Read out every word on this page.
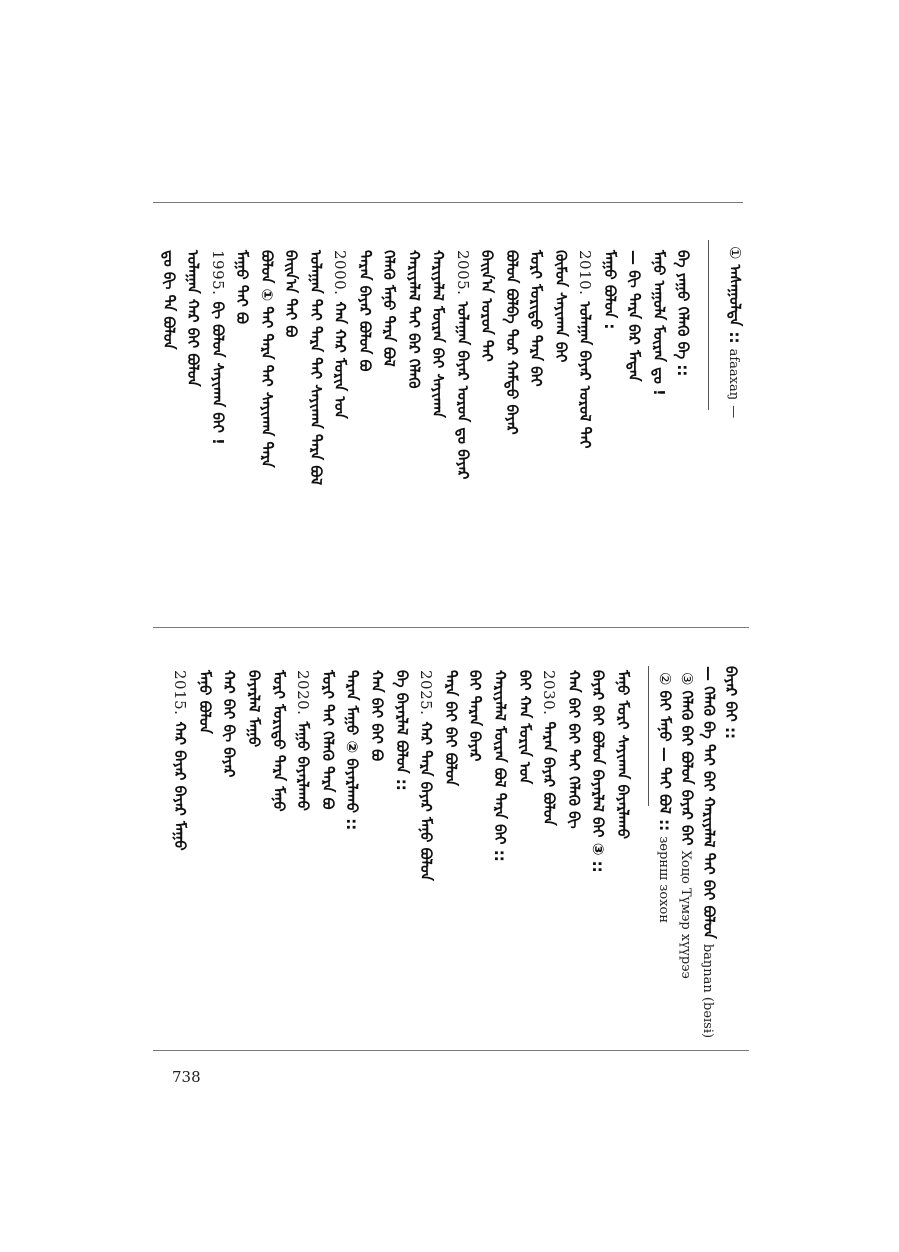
① ᠠᠰᠠᠭᠤᠯᠲᠠ :: afaaxaŋ —
ᠪᠠ ᠶᠠᠭᠤ ᠬᠡᠯᠡᠬᠦ ᠪᠠ ::
ᠮᠠᠨᠤ ᠠᠭᠤᠯᠠ ᠮᠥᠷᠡᠨ ᠳᠤ !
— ᠪᠢ ᠲᠡᠷᠡ ᠪᠠᠷ ᠮᠡᠳᠡᠨ
ᠮᠠᠭᠤ ᠪᠣᠯᠤᠨ :
2010.ᠤᠯᠠᠭᠠᠨ ᠪᠠᠶᠠᠷ ᠤᠷᠤᠯ ᠲᠠᠢ
ᠬᠦᠮᠦᠨ ᠰᠠᠶᠢᠬᠠᠨ ᠪᠠᠢ
ᠮᠣᠷᠢ ᠮᠣᠷᠢᠳᠤ ᠲᠠᠷᠠ ᠪᠠᠢ
ᠪᠣᠯᠤᠨ ᠪᠣᠯᠪᠠ ᠳᠤᠷ ᠬᠠᠮᠲᠤ ᠪᠠᠶᠠᠷ
ᠪᠠᠢᠨ᠎ᠠ ᠤᠷᠤᠨ ᠲᠠᠢ
2005.ᠤᠯᠠᠭᠠᠨ ᠪᠠᠶᠠᠷ ᠤᠷᠤᠨ ᠳᠤ ᠪᠠᠶᠠᠷ
ᠬᠠᠷᠢᠶᠠᠯᠠᠯ ᠮᠥᠷᠡᠨ ᠪᠠᠢ ᠰᠠᠶᠢᠬᠠᠨ
ᠬᠠᠷᠢᠶᠠᠯᠠᠯ ᠲᠠᠢ ᠪᠠᠷ ᠬᠡᠯᠡᠬᠦ
ᠬᠡᠯᠡᠬᠦ ᠮᠠᠨᠤ ᠲᠠᠷᠠ ᠪᠣᠯ
ᠲᠠᠷᠠᠨ ᠪᠠᠶᠠᠷ ᠪᠣᠯᠤᠨ ᠪᠣ
2000.ᠬᠠᠨ ᠬᠠᠷ ᠮᠣᠷᠢᠨ ᠤᠨ
ᠤᠯᠠᠭᠠᠨ ᠲᠠᠢ ᠲᠠᠷᠠ ᠲᠠᠢ ᠰᠠᠶᠢᠬᠠᠨ ᠲᠠᠷᠠ ᠪᠣᠯ
ᠪᠠᠢᠨ᠎ᠠ ᠲᠠᠢ ᠪᠣ
ᠪᠣᠯᠤᠨ ① ᠲᠠᠢ ᠲᠠᠷᠠ ᠲᠠᠢ ᠰᠠᠶᠢᠬᠠᠨ ᠲᠠᠷᠠ
ᠮᠠᠭᠤ ᠲᠠᠢ ᠪᠣ
1995.ᠪᠢ ᠪᠣᠯᠤᠨ ᠰᠠᠶᠢᠬᠠᠨ ᠪᠠᠢ !
ᠤᠯᠠᠭᠠᠨ ᠬᠠᠷ ᠪᠠᠢ ᠪᠣᠯᠤᠨ
ᠳᠤ ᠪᠢ ᠲᠡ ᠪᠣᠯᠤᠨ
ᠪᠠᠶᠠᠷ ᠪᠠᠢ ::
— ᠬᠡᠯᠡᠬᠦ ᠪᠠ ᠲᠠᠢ ᠪᠠᠢ ᠬᠠᠷᠢᠶᠠᠯᠠᠯ ᠲᠠᠢ ᠪᠠᠢ ᠪᠣᠯᠤᠨ baŋnan (bəɪsɨ)
③ ᠬᠡᠯᠡᠬᠦ ᠪᠠᠢ ᠪᠣᠯᠤᠨ ᠪᠠᠶᠠᠷ ᠪᠠᠢ Хоцо Түмэр хүүрээ
② ᠪᠠᠢ ᠮᠠᠨᠤ — ᠲᠠᠢ ᠪᠣᠯ :: зөрнш зохон
ᠮᠠᠨᠤ ᠮᠣᠷᠢ ᠰᠠᠶᠢᠬᠠᠨ ᠪᠠᠶᠠᠷᠯᠠᠬᠤ
ᠪᠠᠶᠠᠷ ᠪᠠᠢ ᠪᠣᠯᠤᠨ ᠪᠠᠶᠠᠷᠯᠠᠯ ᠪᠠᠢ ③ ::
ᠬᠠᠨ ᠪᠠᠢ ᠪᠠᠢ ᠲᠠᠢ ᠬᠡᠯᠡᠬᠦ ᠪᠢ
2030.ᠲᠠᠷᠠᠨ ᠪᠠᠶᠠᠷ ᠪᠣᠯᠤᠨ
ᠪᠠᠢ ᠬᠠᠨ ᠮᠣᠷᠢᠨ ᠤᠨ
ᠬᠠᠷᠢᠶᠠᠯᠠᠯ ᠮᠥᠷᠡᠨ ᠪᠣᠯ ᠲᠠᠷᠠ ᠪᠠᠢ ::
ᠪᠠᠢ ᠲᠠᠷᠠᠨ ᠪᠠᠶᠠᠷ
ᠲᠠᠷᠠ ᠪᠠᠢ ᠪᠠᠢ ᠪᠣᠯᠤᠨ
2025.ᠬᠠᠷ ᠲᠠᠷᠠ ᠪᠠᠶᠠᠷ ᠮᠠᠨᠤ ᠪᠣᠯᠤᠨ
ᠪᠠ ᠪᠠᠶᠠᠷᠯᠠᠯ ᠪᠣᠯᠤᠨ ::
ᠬᠠᠨ ᠪᠠᠢ ᠪᠠᠢ ᠪᠣ
ᠲᠠᠷᠠᠨ ᠮᠠᠭᠤ ② ᠪᠠᠶᠠᠷᠯᠠᠬᠤ ::
ᠮᠣᠷᠢ ᠲᠠᠢ ᠬᠡᠯᠡᠬᠦ ᠲᠠᠷᠠ ᠪᠣ
2020.ᠮᠠᠭᠤ ᠪᠠᠶᠠᠷᠯᠠᠬᠤ
ᠮᠣᠷᠢ ᠮᠣᠷᠢᠳᠤ ᠲᠠᠷᠠ ᠮᠠᠨᠤ
ᠪᠠᠶᠠᠷᠯᠠᠯ ᠮᠠᠭᠤ
ᠬᠠᠷ ᠪᠠᠢ ᠪᠢ ᠪᠠᠶᠠᠷ
ᠮᠠᠨᠤ ᠪᠣᠯᠤᠨ
2015.ᠬᠠᠷ ᠪᠠᠶᠠᠷ ᠪᠠᠶᠠᠷ ᠮᠠᠭᠤ
738
